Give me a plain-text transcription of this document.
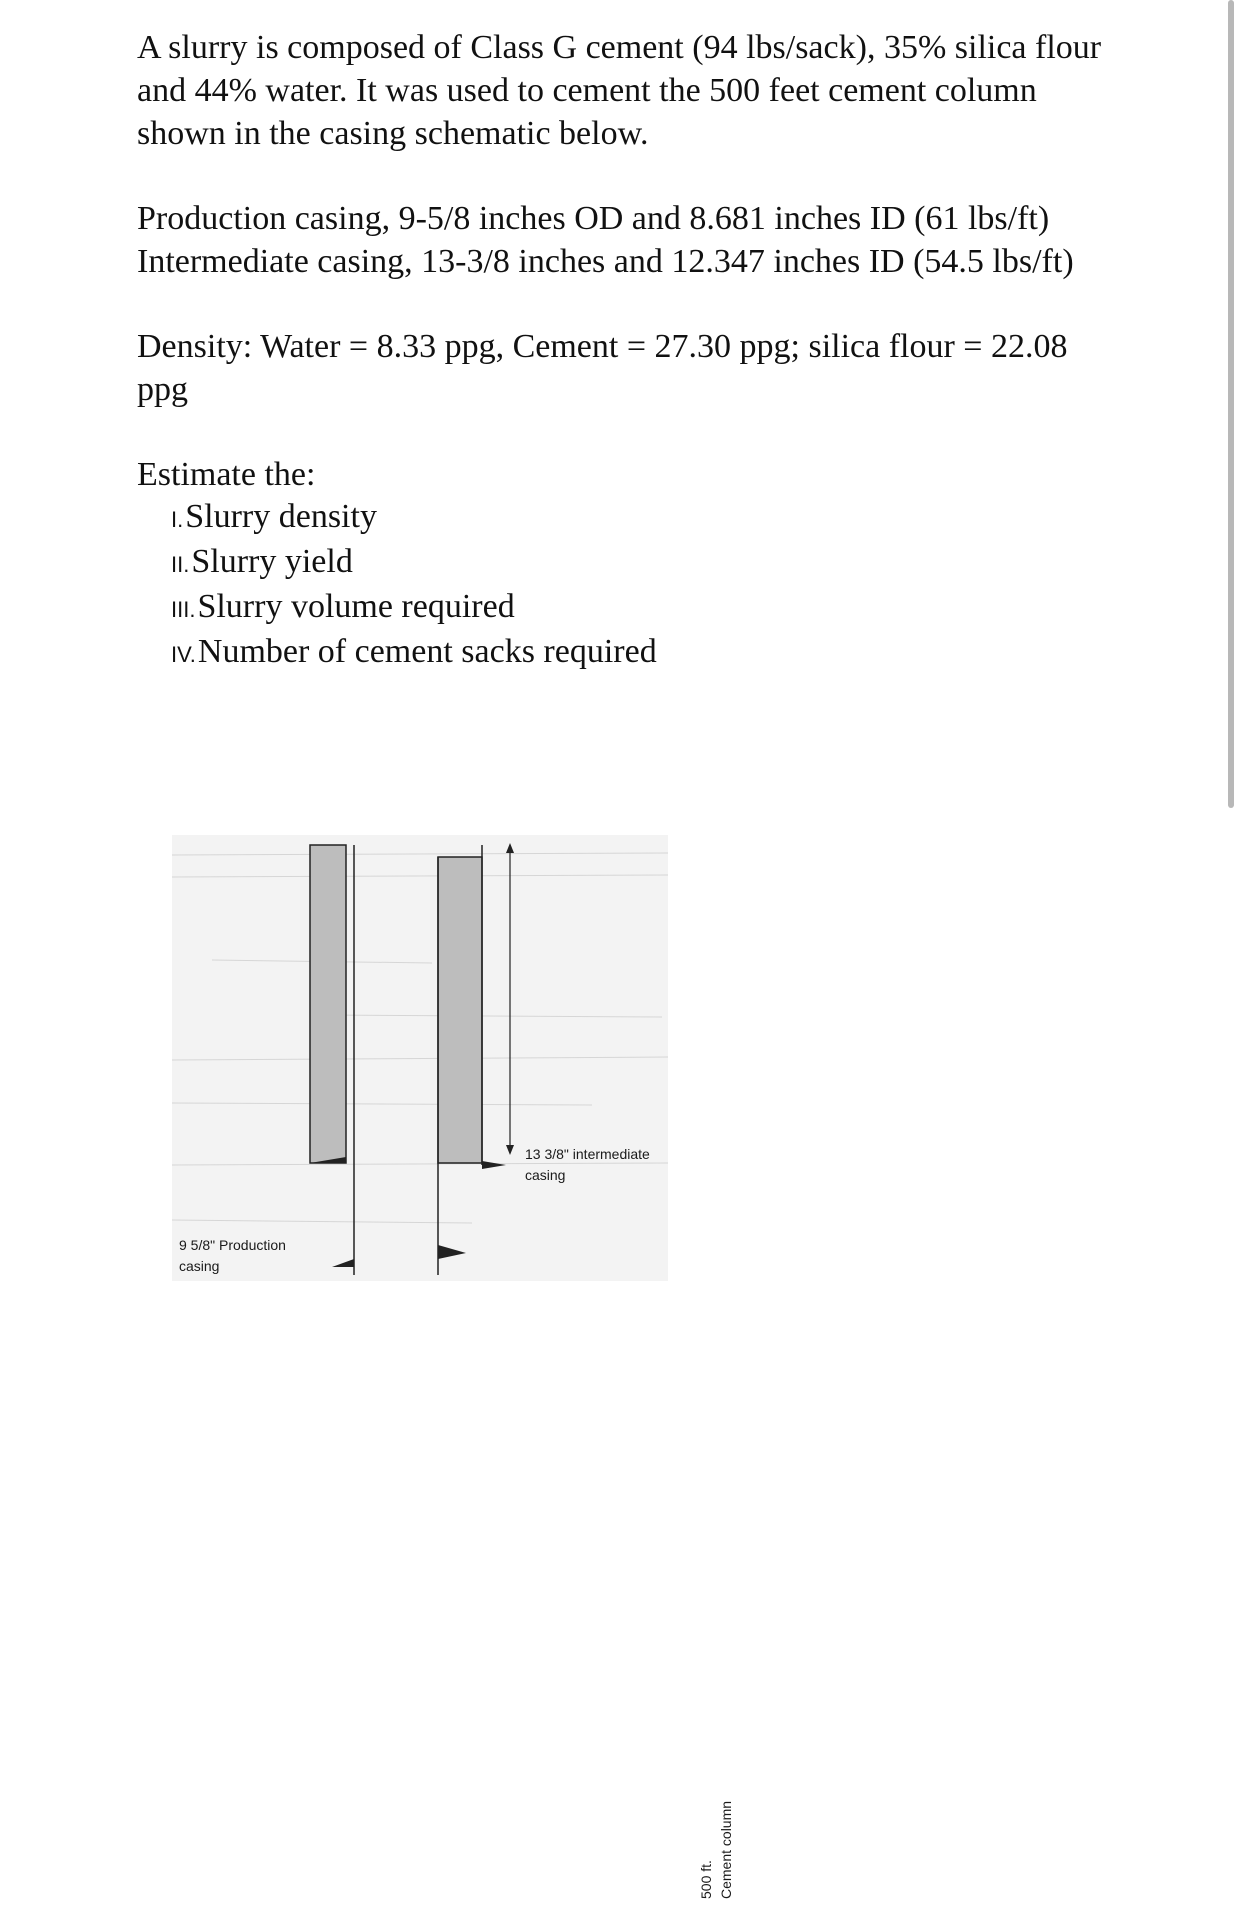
A slurry is composed of Class G cement (94 lbs/sack), 35% silica flour and 44% water. It was used to cement the 500 feet cement column shown in the casing schematic below.

Production casing, 9-5/8 inches OD and 8.681 inches ID (61 lbs/ft)

Intermediate casing, 13-3/8 inches and 12.347 inches ID (54.5 lbs/ft)

Density: Water = 8.33 ppg, Cement = 27.30 ppg; silica flour = 22.08 ppg

Estimate the:

I.Slurry density
II.Slurry yield
III.Slurry volume required
IV.Number of cement sacks required
500 ft. Cement column
13 3/8" intermediate
casing
9 5/8" Production
casing
